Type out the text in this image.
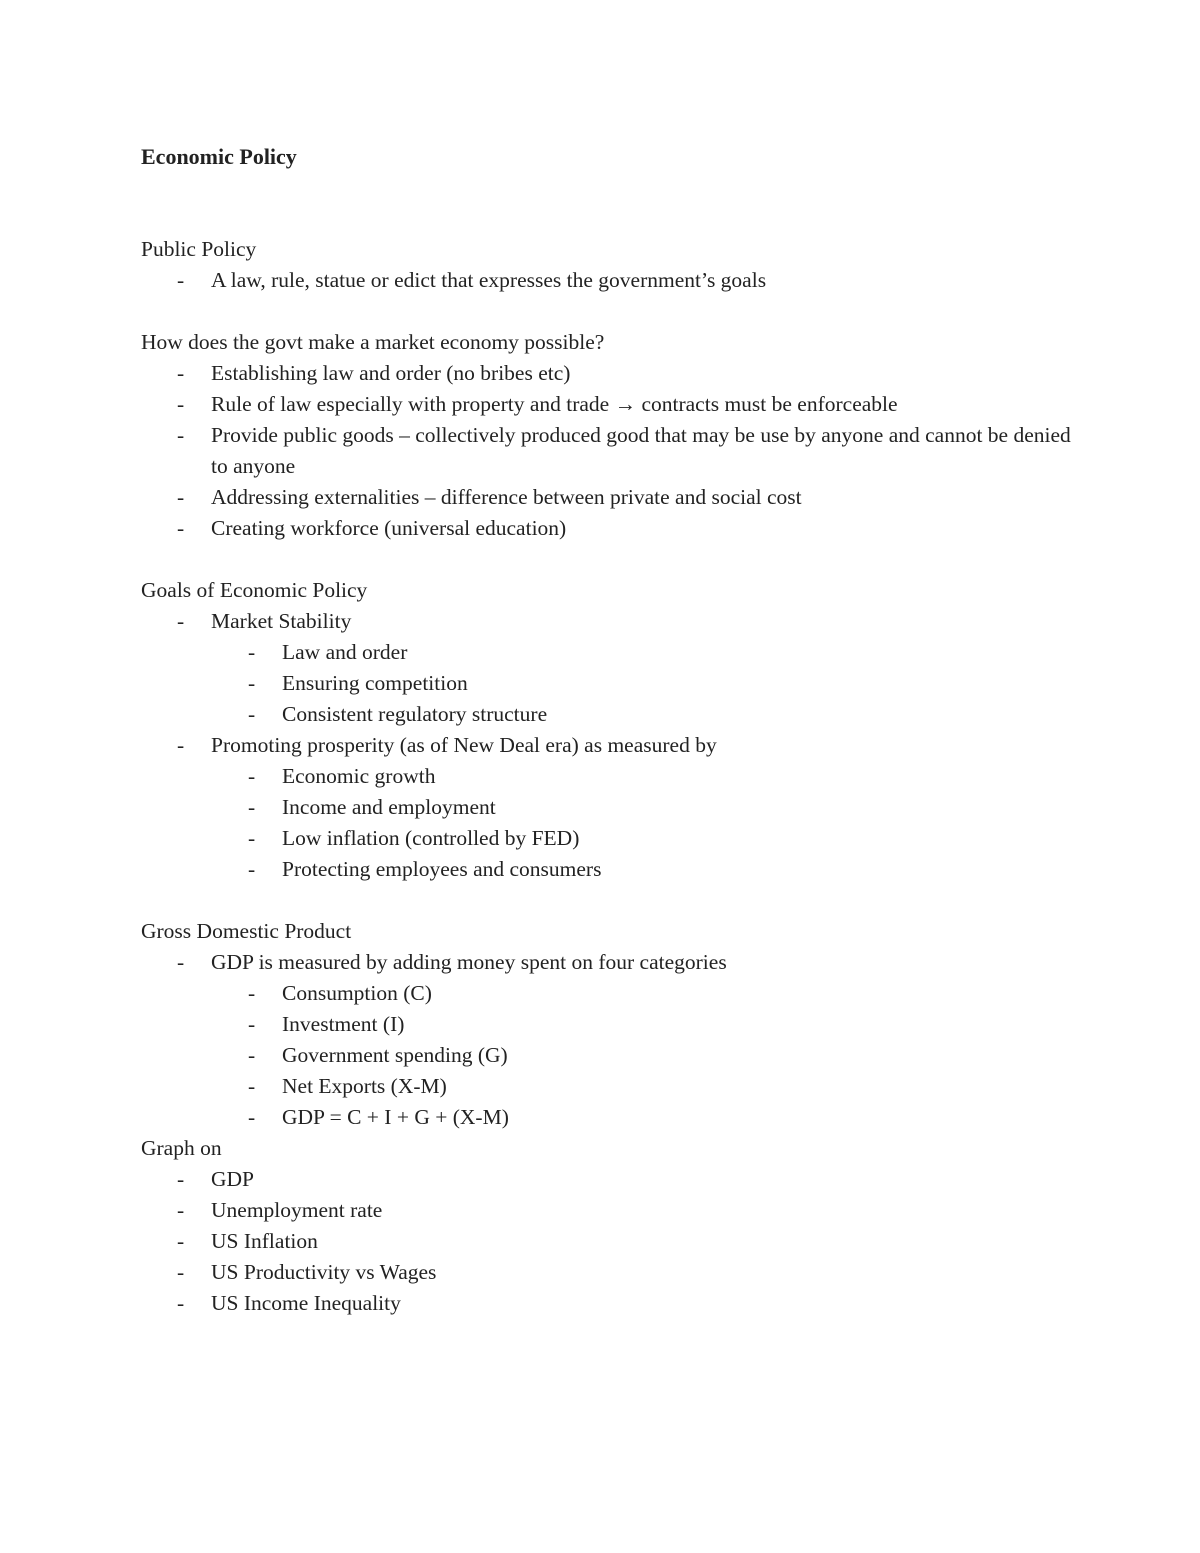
Economic Policy
Public Policy
- A law, rule, statue or edict that expresses the government’s goals
How does the govt make a market economy possible?
- Establishing law and order (no bribes etc)
- Rule of law especially with property and trade → contracts must be enforceable
- Provide public goods – collectively produced good that may be use by anyone and cannot be denied to anyone
- Addressing externalities – difference between private and social cost
- Creating workforce (universal education)
Goals of Economic Policy
- Market Stability
- Law and order
- Ensuring competition
- Consistent regulatory structure
- Promoting prosperity (as of New Deal era) as measured by
- Economic growth
- Income and employment
- Low inflation (controlled by FED)
- Protecting employees and consumers
Gross Domestic Product
- GDP is measured by adding money spent on four categories
- Consumption (C)
- Investment (I)
- Government spending (G)
- Net Exports (X-M)
- GDP = C + I + G + (X-M)
Graph on
- GDP
- Unemployment rate
- US Inflation
- US Productivity vs Wages
- US Income Inequality
